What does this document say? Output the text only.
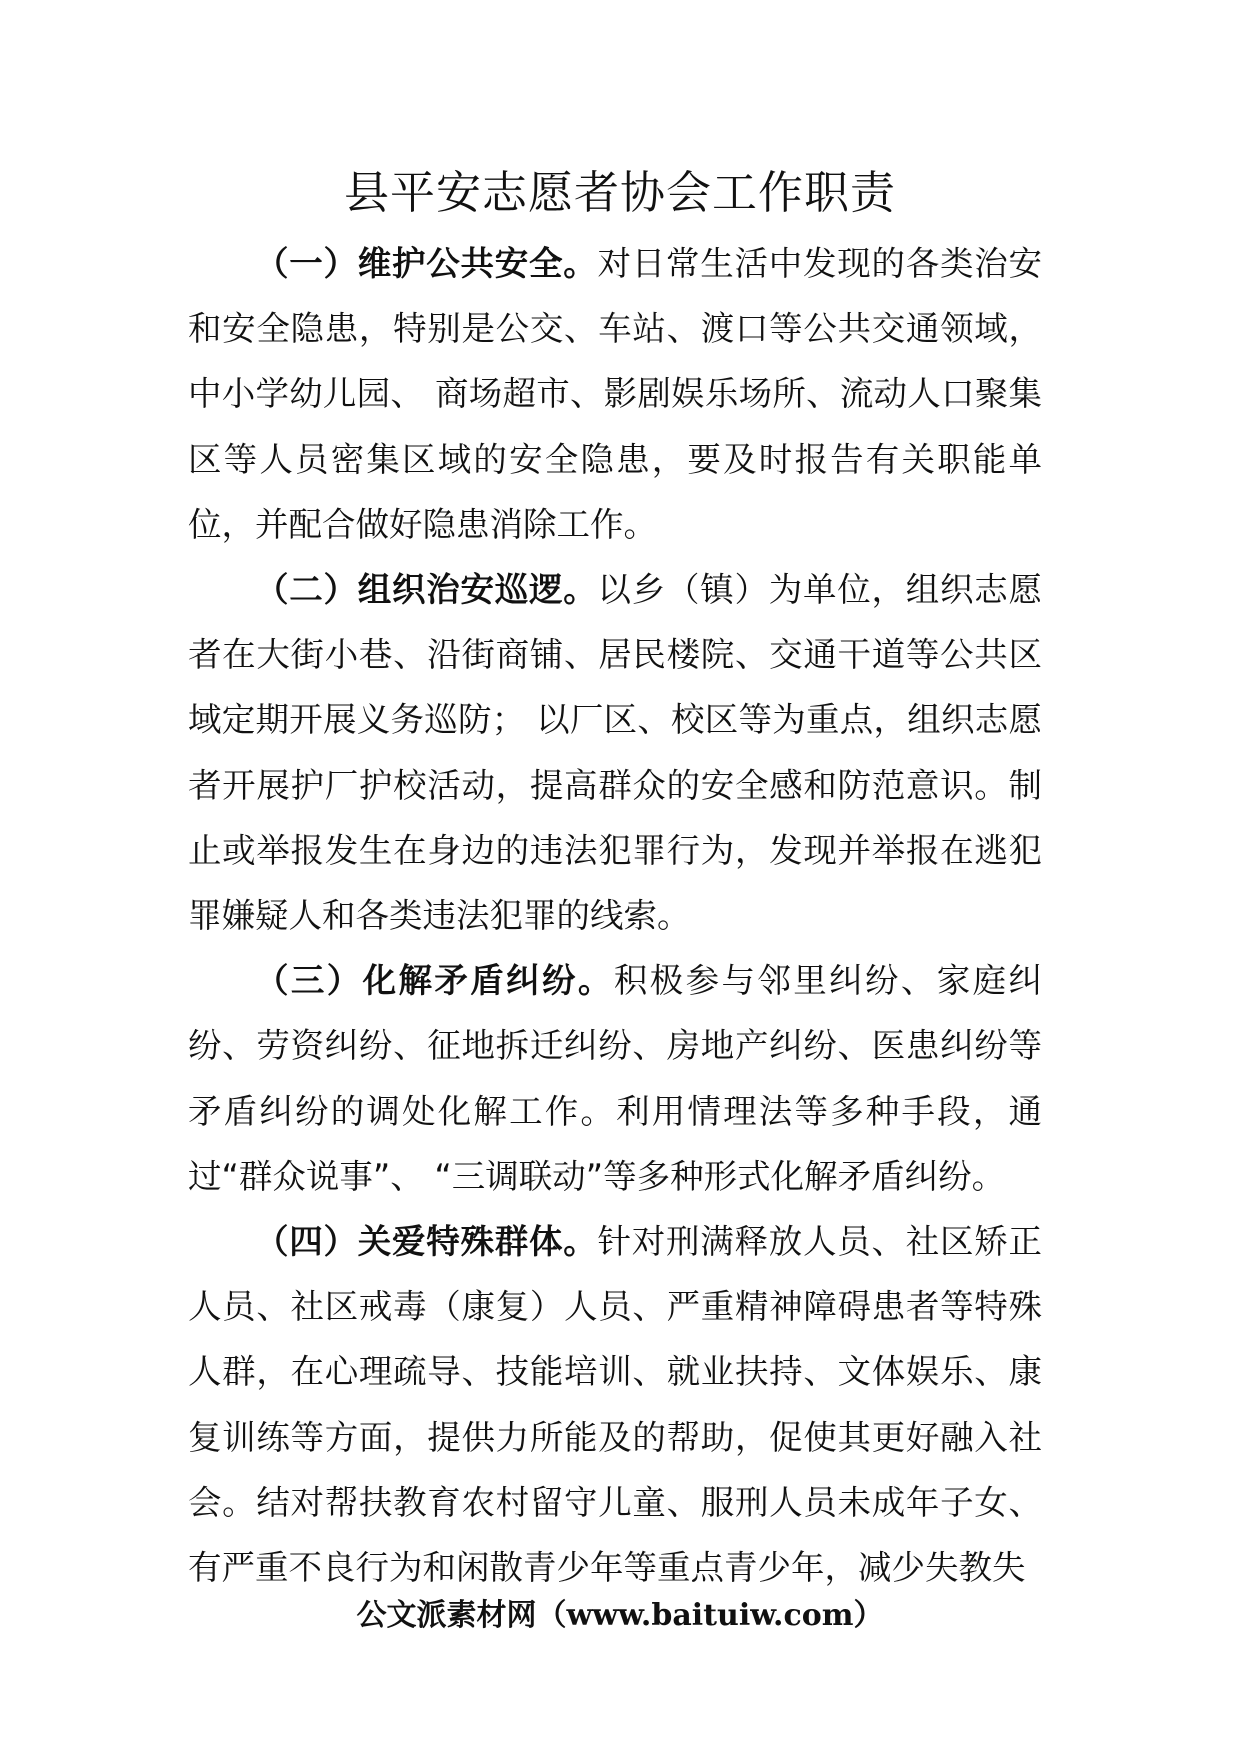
县平安志愿者协会工作职责

（一）维护公共安全。对日常生活中发现的各类治安和安全隐患，特别是公交、车站、渡口等公共交通领域，中小学幼儿园、 商场超市、影剧娱乐场所、流动人口聚集区等人员密集区域的安全隐患，要及时报告有关职能单位，并配合做好隐患消除工作。

（二）组织治安巡逻。以乡（镇）为单位，组织志愿者在大街小巷、沿街商铺、居民楼院、交通干道等公共区域定期开展义务巡防； 以厂区、校区等为重点，组织志愿者开展护厂护校活动，提高群众的安全感和防范意识。制止或举报发生在身边的违法犯罪行为，发现并举报在逃犯罪嫌疑人和各类违法犯罪的线索。

（三）化解矛盾纠纷。积极参与邻里纠纷、家庭纠纷、劳资纠纷、征地拆迁纠纷、房地产纠纷、医患纠纷等矛盾纠纷的调处化解工作。利用情理法等多种手段，通过“群众说事”、 “三调联动”等多种形式化解矛盾纠纷。

（四）关爱特殊群体。针对刑满释放人员、社区矫正人员、社区戒毒（康复）人员、严重精神障碍患者等特殊人群，在心理疏导、技能培训、就业扶持、文体娱乐、康复训练等方面，提供力所能及的帮助，促使其更好融入社会。结对帮扶教育农村留守儿童、服刑人员未成年子女、有严重不良行为和闲散青少年等重点青少年，减少失教失

公文派素材网（www.baituiw.com）
